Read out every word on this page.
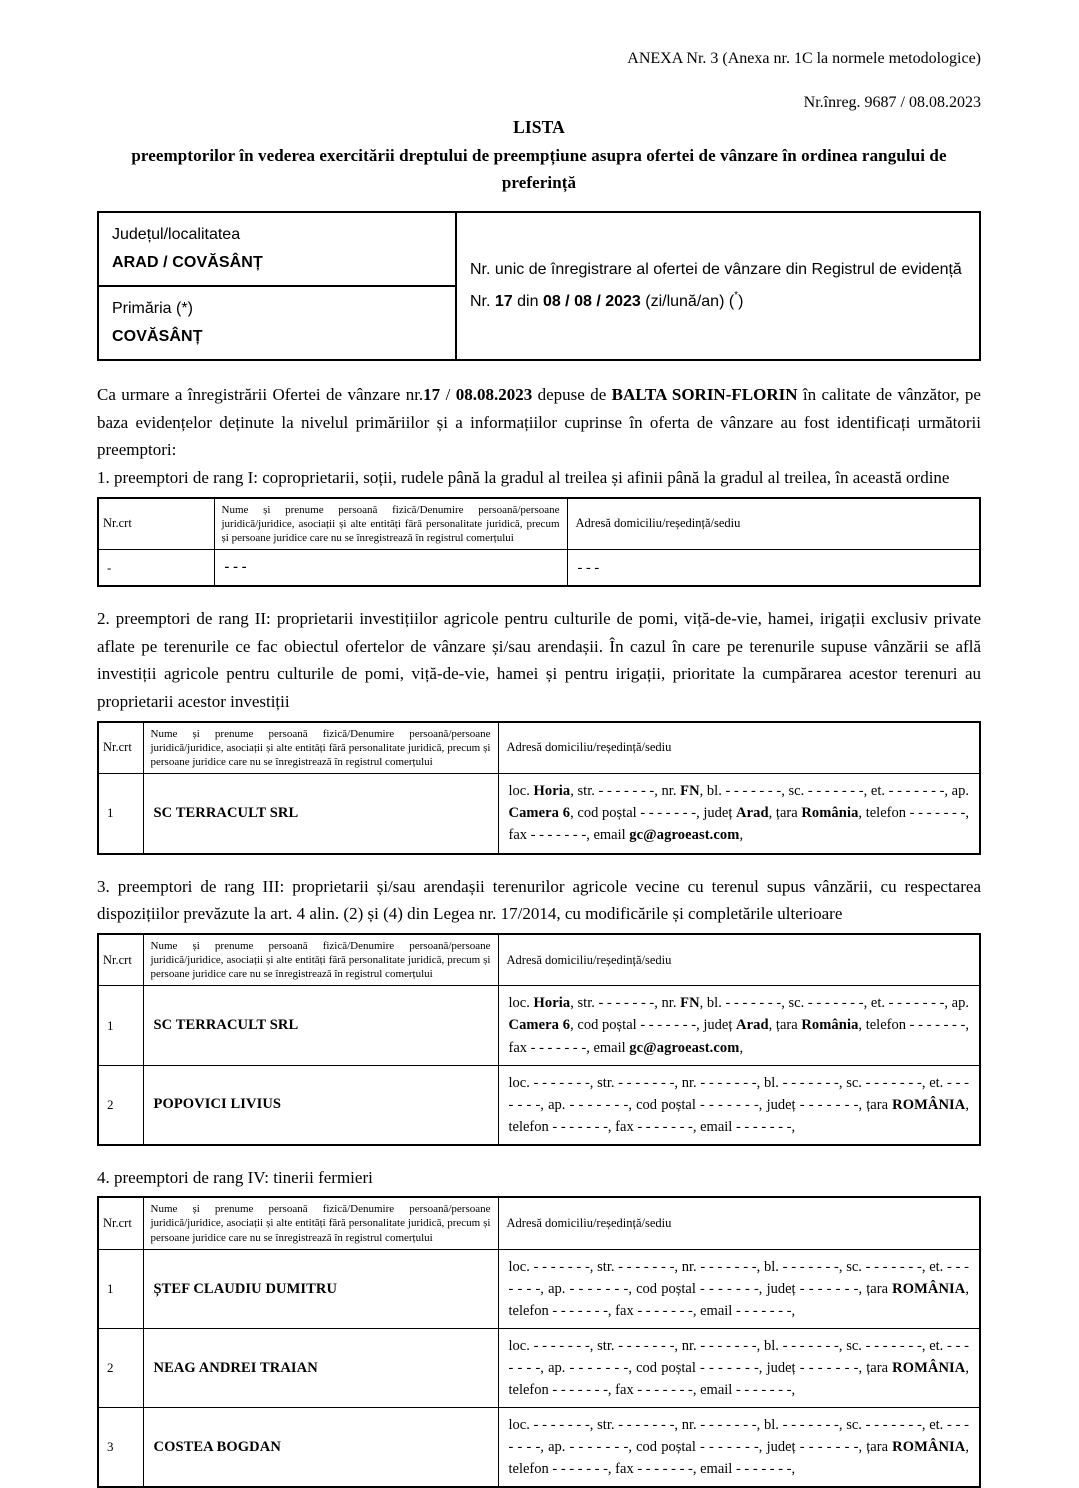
ANEXA Nr. 3 (Anexa nr. 1C la normele metodologice)
Nr.înreg. 9687 / 08.08.2023
LISTA
preemptorilor în vederea exercitării dreptului de preempțiune asupra ofertei de vânzare în ordinea rangului de preferință
Județul/localitatea
ARAD / COVĂSÂNȚ	Nr. unic de înregistrare al ofertei de vânzare din Registrul de evidență

Nr. 17 din 08 / 08 / 2023 (zi/lună/an) (*)

Primăria (*)
COVĂSÂNȚ

Ca urmare a înregistrării Ofertei de vânzare nr.17 / 08.08.2023 depuse de BALTA SORIN-FLORIN în calitate de vânzător, pe baza evidențelor deținute la nivelul primăriilor și a informațiilor cuprinse în oferta de vânzare au fost identificați următorii preemptori:

1. preemptori de rang I: coproprietarii, soții, rudele până la gradul al treilea și afinii până la gradul al treilea, în această ordine

Nr.crt	Nume și prenume persoană fizică/Denumire persoană/persoane juridică/juridice, asociații și alte entități fără personalitate juridică, precum și persoane juridice care nu se înregistrează în registrul comerțului	Adresă domiciliu/reședință/sediu
-	- - -	- - -

2. preemptori de rang II: proprietarii investițiilor agricole pentru culturile de pomi, viță-de-vie, hamei, irigații exclusiv private aflate pe terenurile ce fac obiectul ofertelor de vânzare și/sau arendașii. În cazul în care pe terenurile supuse vânzării se află investiții agricole pentru culturile de pomi, viță-de-vie, hamei și pentru irigații, prioritate la cumpărarea acestor terenuri au proprietarii acestor investiții

Nr.crt	Nume și prenume persoană fizică/Denumire persoană/persoane juridică/juridice, asociații și alte entități fără personalitate juridică, precum și persoane juridice care nu se înregistrează în registrul comerțului	Adresă domiciliu/reședință/sediu
1	SC TERRACULT SRL	loc. Horia, str. - - - - - - -, nr. FN, bl. - - - - - - -, sc. - - - - - - -, et. - - - - - - -, ap. Camera 6, cod poștal - - - - - - -, județ Arad, țara România, telefon - - - - - - -, fax - - - - - - -, email gc@agroeast.com,

3. preemptori de rang III: proprietarii și/sau arendașii terenurilor agricole vecine cu terenul supus vânzării, cu respectarea dispozițiilor prevăzute la art. 4 alin. (2) și (4) din Legea nr. 17/2014, cu modificările și completările ulterioare

Nr.crt	Nume și prenume persoană fizică/Denumire persoană/persoane juridică/juridice, asociații și alte entități fără personalitate juridică, precum și persoane juridice care nu se înregistrează în registrul comerțului	Adresă domiciliu/reședință/sediu
1	SC TERRACULT SRL	loc. Horia, str. - - - - - - -, nr. FN, bl. - - - - - - -, sc. - - - - - - -, et. - - - - - - -, ap. Camera 6, cod poștal - - - - - - -, județ Arad, țara România, telefon - - - - - - -, fax - - - - - - -, email gc@agroeast.com,
2	POPOVICI LIVIUS	loc. - - - - - - -, str. - - - - - - -, nr. - - - - - - -, bl. - - - - - - -, sc. - - - - - - -, et. - - - - - - -, ap. - - - - - - -, cod poștal - - - - - - -, județ - - - - - - -, țara ROMÂNIA, telefon - - - - - - -, fax - - - - - - -, email - - - - - - -,

4. preemptori de rang IV: tinerii fermieri

Nr.crt	Nume și prenume persoană fizică/Denumire persoană/persoane juridică/juridice, asociații și alte entități fără personalitate juridică, precum și persoane juridice care nu se înregistrează în registrul comerțului	Adresă domiciliu/reședință/sediu
1	ȘTEF CLAUDIU DUMITRU	loc. - - - - - - -, str. - - - - - - -, nr. - - - - - - -, bl. - - - - - - -, sc. - - - - - - -, et. - - - - - - -, ap. - - - - - - -, cod poștal - - - - - - -, județ - - - - - - -, țara ROMÂNIA, telefon - - - - - - -, fax - - - - - - -, email - - - - - - -,
2	NEAG ANDREI TRAIAN	loc. - - - - - - -, str. - - - - - - -, nr. - - - - - - -, bl. - - - - - - -, sc. - - - - - - -, et. - - - - - - -, ap. - - - - - - -, cod poștal - - - - - - -, județ - - - - - - -, țara ROMÂNIA, telefon - - - - - - -, fax - - - - - - -, email - - - - - - -,
3	COSTEA BOGDAN	loc. - - - - - - -, str. - - - - - - -, nr. - - - - - - -, bl. - - - - - - -, sc. - - - - - - -, et. - - - - - - -, ap. - - - - - - -, cod poștal - - - - - - -, județ - - - - - - -, țara ROMÂNIA, telefon - - - - - - -, fax - - - - - - -, email - - - - - - -,
